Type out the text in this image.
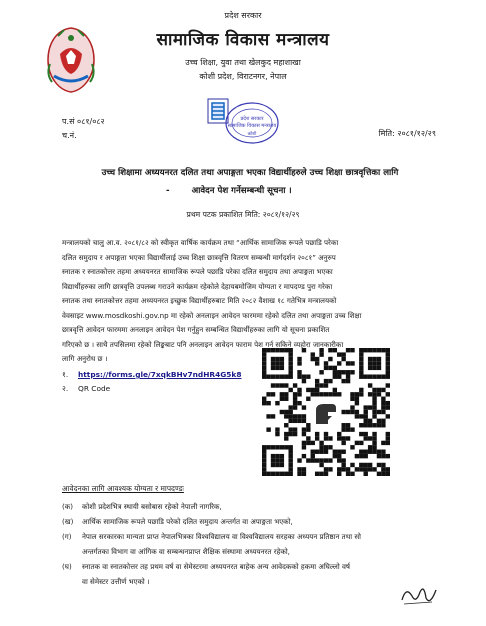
प्रदेश सरकार
सामाजिक विकास मन्त्रालय
उच्च शिक्षा, युवा तथा खेलकुद महाशाखा
कोशी प्रदेश, विराटनगर, नेपाल
प्रदेश सरकार
सामाजिक विकास मन्त्रालय
कोशी
प.सं ०८१/०८२
च.नं.	मिति: २०८१/१२/२९
उच्च शिक्षामा अध्ययनरत दलित तथा अपाङ्गता भएका विद्यार्थीहरुले उच्च शिक्षा छात्रवृत्तिका लागि
-	आवेदन पेश गर्नेसम्बन्धी सूचना ।
प्रथम पटक प्रकाशित मिति: २०८१/१२/२९

मन्त्रालयको चालु आ.व. २०८१/८२ को स्वीकृत वार्षिक कार्यक्रम तथा “आर्थिक सामाजिक रूपले पछाडि परेका

दलित समुदाय र अपाङ्गता भएका विद्यार्थीलाई उच्च शिक्षा छात्रवृत्ति वितरण सम्बन्धी मार्गदर्शन २०८१” अनुरुप

स्नातक र स्नातकोत्तर तहमा अध्ययनरत सामाजिक रूपले पछाडि परेका दलित समुदाय तथा अपाङ्गता भएका

विद्यार्थीहरुका लागि छात्रवृत्ति उपलब्ध गराउने कार्यक्रम रहेकोले देहायबमोजिम योग्यता र मापदण्ड पुरा गरेका

स्नातक तथा स्नातकोत्तर तहमा अध्ययनरत इच्छुक विद्यार्थीहरुबाट मिति २०८२ वैशाख १८ गतेभित्र मन्त्रालयको

वेवसाइट www.mosdkoshi.gov.np मा रहेको अनलाइन आवेदन फारममा रहेको दलित तथा अपाङ्गता उच्च शिक्षा

छात्रवृत्ति आवेदन फारममा अनलाइन आवेदन पेश गर्नुहुन सम्बन्धित विद्यार्थीहरुका लागि यो सूचना प्रकाशित

गरिएको छ । साथै तपसिलमा रहेको लिङ्कबाट पनि अनलाइन आवेदन फाराम पेश गर्न सकिने व्यहोरा जानकारीका

लागि अनुरोध छ ।

१. https://forms.gle/7xqkBHv7ndHR4G5k8
२. QR Code
आवेदनका लागि आवश्यक योग्यता र मापदण्डः
(क) कोशी प्रदेशभित्र स्थायी बसोबास रहेको नेपाली नागरिक,
(ख) आर्थिक सामाजिक रूपले पछाडि परेको दलित समुदाय अन्तर्गत वा अपाङ्गता भएको,
(ग) नेपाल सरकारका मान्यता प्राप्त नेपालभित्रका विश्वविद्यालय वा विश्वविद्यालय सरहका अध्ययन प्रतिष्ठान तथा सो
अन्तर्गतका विभाग वा आंगिक वा सम्बन्धनप्राप्त शैक्षिक संस्थामा अध्ययनरत रहेको,
(घ) स्नातक वा स्नातकोत्तर तह प्रथम वर्ष वा सेमेस्टरमा अध्ययनरत बाहेक अन्य आवेदकको हकमा अघिल्लो वर्ष
वा सेमेस्टर उत्तीर्ण भएको ।
